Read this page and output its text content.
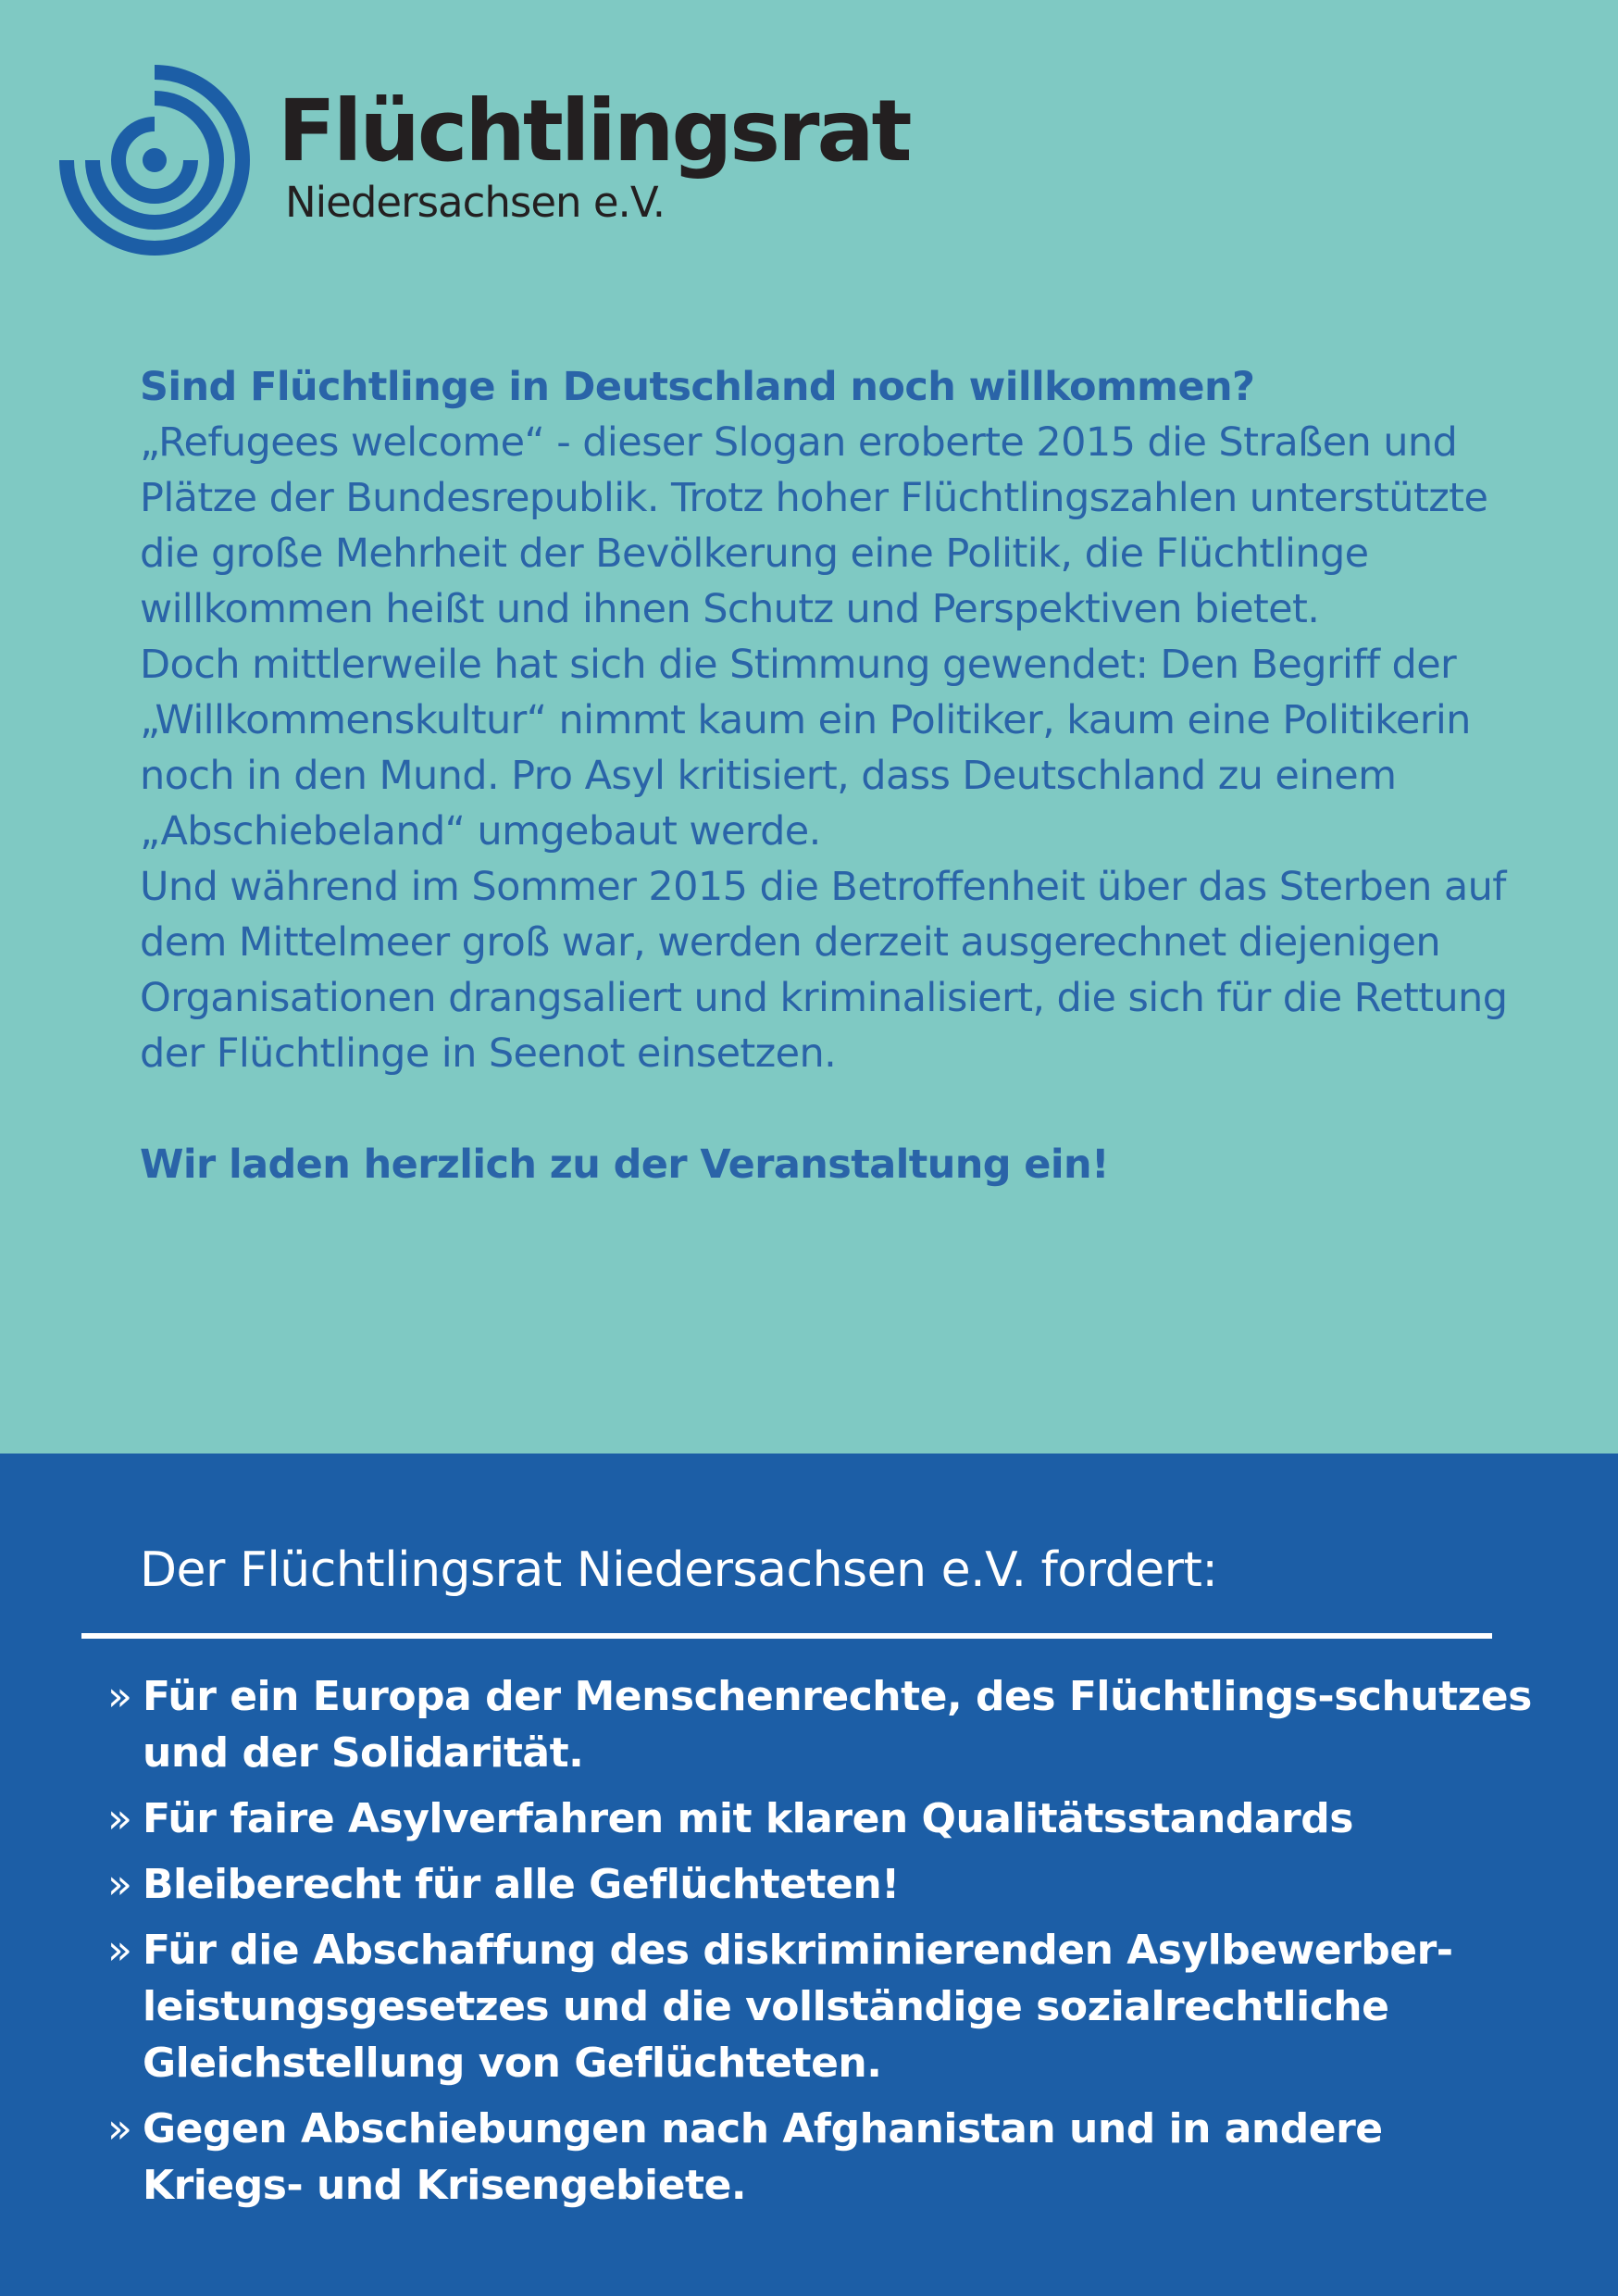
Flüchtlingsrat
Niedersachsen e.V.

Sind Flüchtlinge in Deutschland noch willkommen?

„Refugees welcome“ - dieser Slogan eroberte 2015 die Straßen und Plätze der Bundesrepublik. Trotz hoher Flüchtlingszahlen unterstützte die große Mehrheit der Bevölkerung eine Politik, die Flüchtlinge willkommen heißt und ihnen Schutz und Perspektiven bietet.

Doch mittlerweile hat sich die Stimmung gewendet: Den Begriff der „Willkommenskultur“ nimmt kaum ein Politiker, kaum eine Politikerin noch in den Mund. Pro Asyl kritisiert, dass Deutschland zu einem „Abschiebeland“ umgebaut werde.

Und während im Sommer 2015 die Betroffenheit über das Sterben auf dem Mittelmeer groß war, werden derzeit ausgerechnet diejenigen Organisationen drangsaliert und kriminalisiert, die sich für die Rettung der Flüchtlinge in Seenot einsetzen.

Wir laden herzlich zu der Veranstaltung ein!

Der Flüchtlingsrat Niedersachsen e.V. fordert:
» Für ein Europa der Menschenrechte, des Flüchtlings-schutzes und der Solidarität.
» Für faire Asylverfahren mit klaren Qualitätsstandards
» Bleiberecht für alle Geflüchteten!
» Für die Abschaffung des diskriminierenden Asylbewerber-leistungsgesetzes und die vollständige sozialrechtliche Gleichstellung von Geflüchteten.
» Gegen Abschiebungen nach Afghanistan und in andere Kriegs- und Krisengebiete.
